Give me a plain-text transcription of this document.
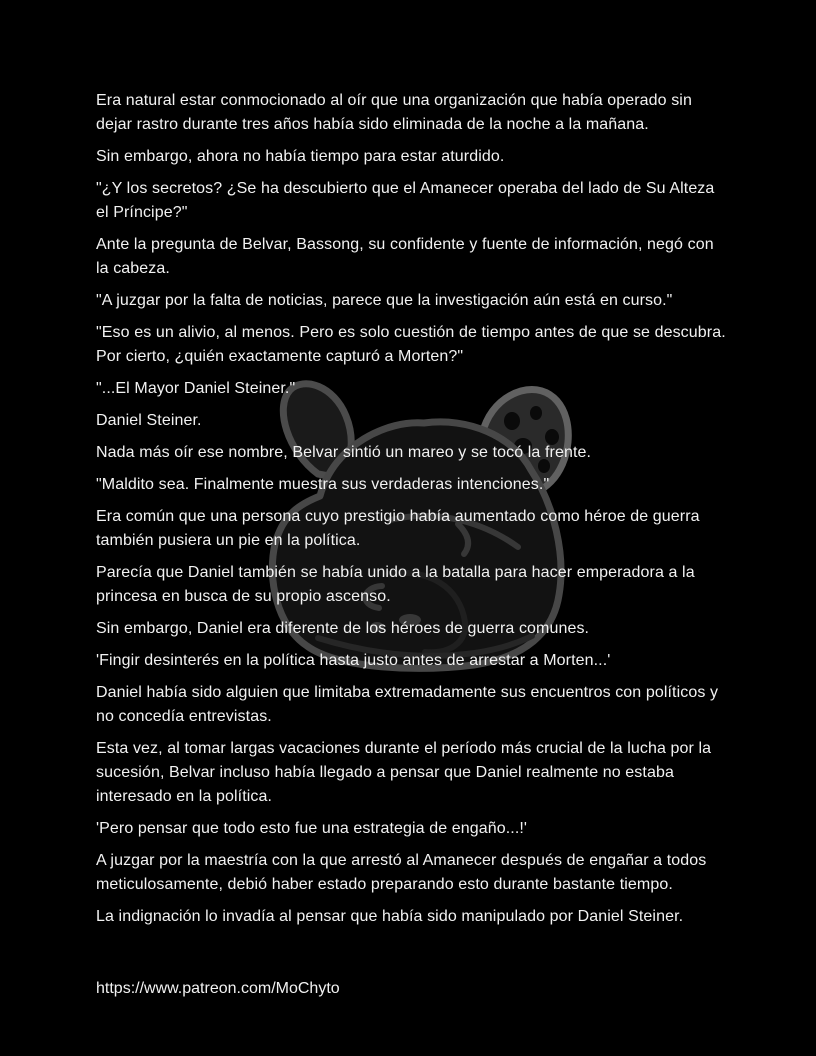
Era natural estar conmocionado al oír que una organización que había operado sin dejar rastro durante tres años había sido eliminada de la noche a la mañana.

Sin embargo, ahora no había tiempo para estar aturdido.

"¿Y los secretos? ¿Se ha descubierto que el Amanecer operaba del lado de Su Alteza el Príncipe?"

Ante la pregunta de Belvar, Bassong, su confidente y fuente de información, negó con la cabeza.

"A juzgar por la falta de noticias, parece que la investigación aún está en curso."

"Eso es un alivio, al menos. Pero es solo cuestión de tiempo antes de que se descubra. Por cierto, ¿quién exactamente capturó a Morten?"

"...El Mayor Daniel Steiner."

Daniel Steiner.

Nada más oír ese nombre, Belvar sintió un mareo y se tocó la frente.

"Maldito sea. Finalmente muestra sus verdaderas intenciones."

Era común que una persona cuyo prestigio había aumentado como héroe de guerra también pusiera un pie en la política.

Parecía que Daniel también se había unido a la batalla para hacer emperadora a la princesa en busca de su propio ascenso.

Sin embargo, Daniel era diferente de los héroes de guerra comunes.

'Fingir desinterés en la política hasta justo antes de arrestar a Morten...'

Daniel había sido alguien que limitaba extremadamente sus encuentros con políticos y no concedía entrevistas.

Esta vez, al tomar largas vacaciones durante el período más crucial de la lucha por la sucesión, Belvar incluso había llegado a pensar que Daniel realmente no estaba interesado en la política.

'Pero pensar que todo esto fue una estrategia de engaño...!'

A juzgar por la maestría con la que arrestó al Amanecer después de engañar a todos meticulosamente, debió haber estado preparando esto durante bastante tiempo.

La indignación lo invadía al pensar que había sido manipulado por Daniel Steiner.

https://www.patreon.com/MoChyto
